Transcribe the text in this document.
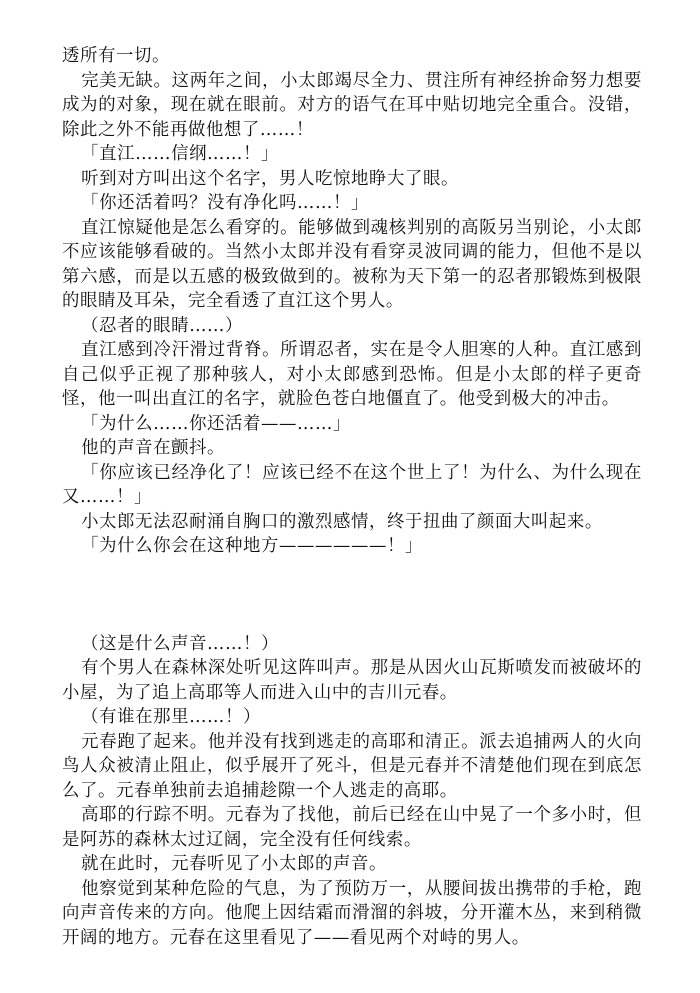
透所有一切。

完美无缺。这两年之间，小太郎竭尽全力、贯注所有神经拚命努力想要成为的对象，现在就在眼前。对方的语气在耳中贴切地完全重合。没错，除此之外不能再做他想了……！

「直江……信纲……！」

听到对方叫出这个名字，男人吃惊地睁大了眼。

「你还活着吗？没有净化吗……！」

直江惊疑他是怎么看穿的。能够做到魂核判别的高阪另当别论，小太郎不应该能够看破的。当然小太郎并没有看穿灵波同调的能力，但他不是以第六感，而是以五感的极致做到的。被称为天下第一的忍者那锻炼到极限的眼睛及耳朵，完全看透了直江这个男人。

（忍者的眼睛……）

直江感到冷汗滑过背脊。所谓忍者，实在是令人胆寒的人种。直江感到自己似乎正视了那种骇人，对小太郎感到恐怖。但是小太郎的样子更奇怪，他一叫出直江的名字，就脸色苍白地僵直了。他受到极大的冲击。

「为什么……你还活着——……」

他的声音在颤抖。

「你应该已经净化了！应该已经不在这个世上了！为什么、为什么现在又……！」

小太郎无法忍耐涌自胸口的激烈感情，终于扭曲了颜面大叫起来。

「为什么你会在这种地方——————！」

（这是什么声音……！）

有个男人在森林深处听见这阵叫声。那是从因火山瓦斯喷发而被破坏的小屋，为了追上高耶等人而进入山中的吉川元春。

（有谁在那里……！）

元春跑了起来。他并没有找到逃走的高耶和清正。派去追捕两人的火向鸟人众被清止阻止，似乎展开了死斗，但是元春并不清楚他们现在到底怎么了。元春单独前去追捕趁隙一个人逃走的高耶。

高耶的行踪不明。元春为了找他，前后已经在山中晃了一个多小时，但是阿苏的森林太过辽阔，完全没有任何线索。

就在此时，元春听见了小太郎的声音。

他察觉到某种危险的气息，为了预防万一，从腰间拔出携带的手枪，跑向声音传来的方向。他爬上因结霜而滑溜的斜坡，分开灌木丛，来到稍微开阔的地方。元春在这里看见了——看见两个对峙的男人。
